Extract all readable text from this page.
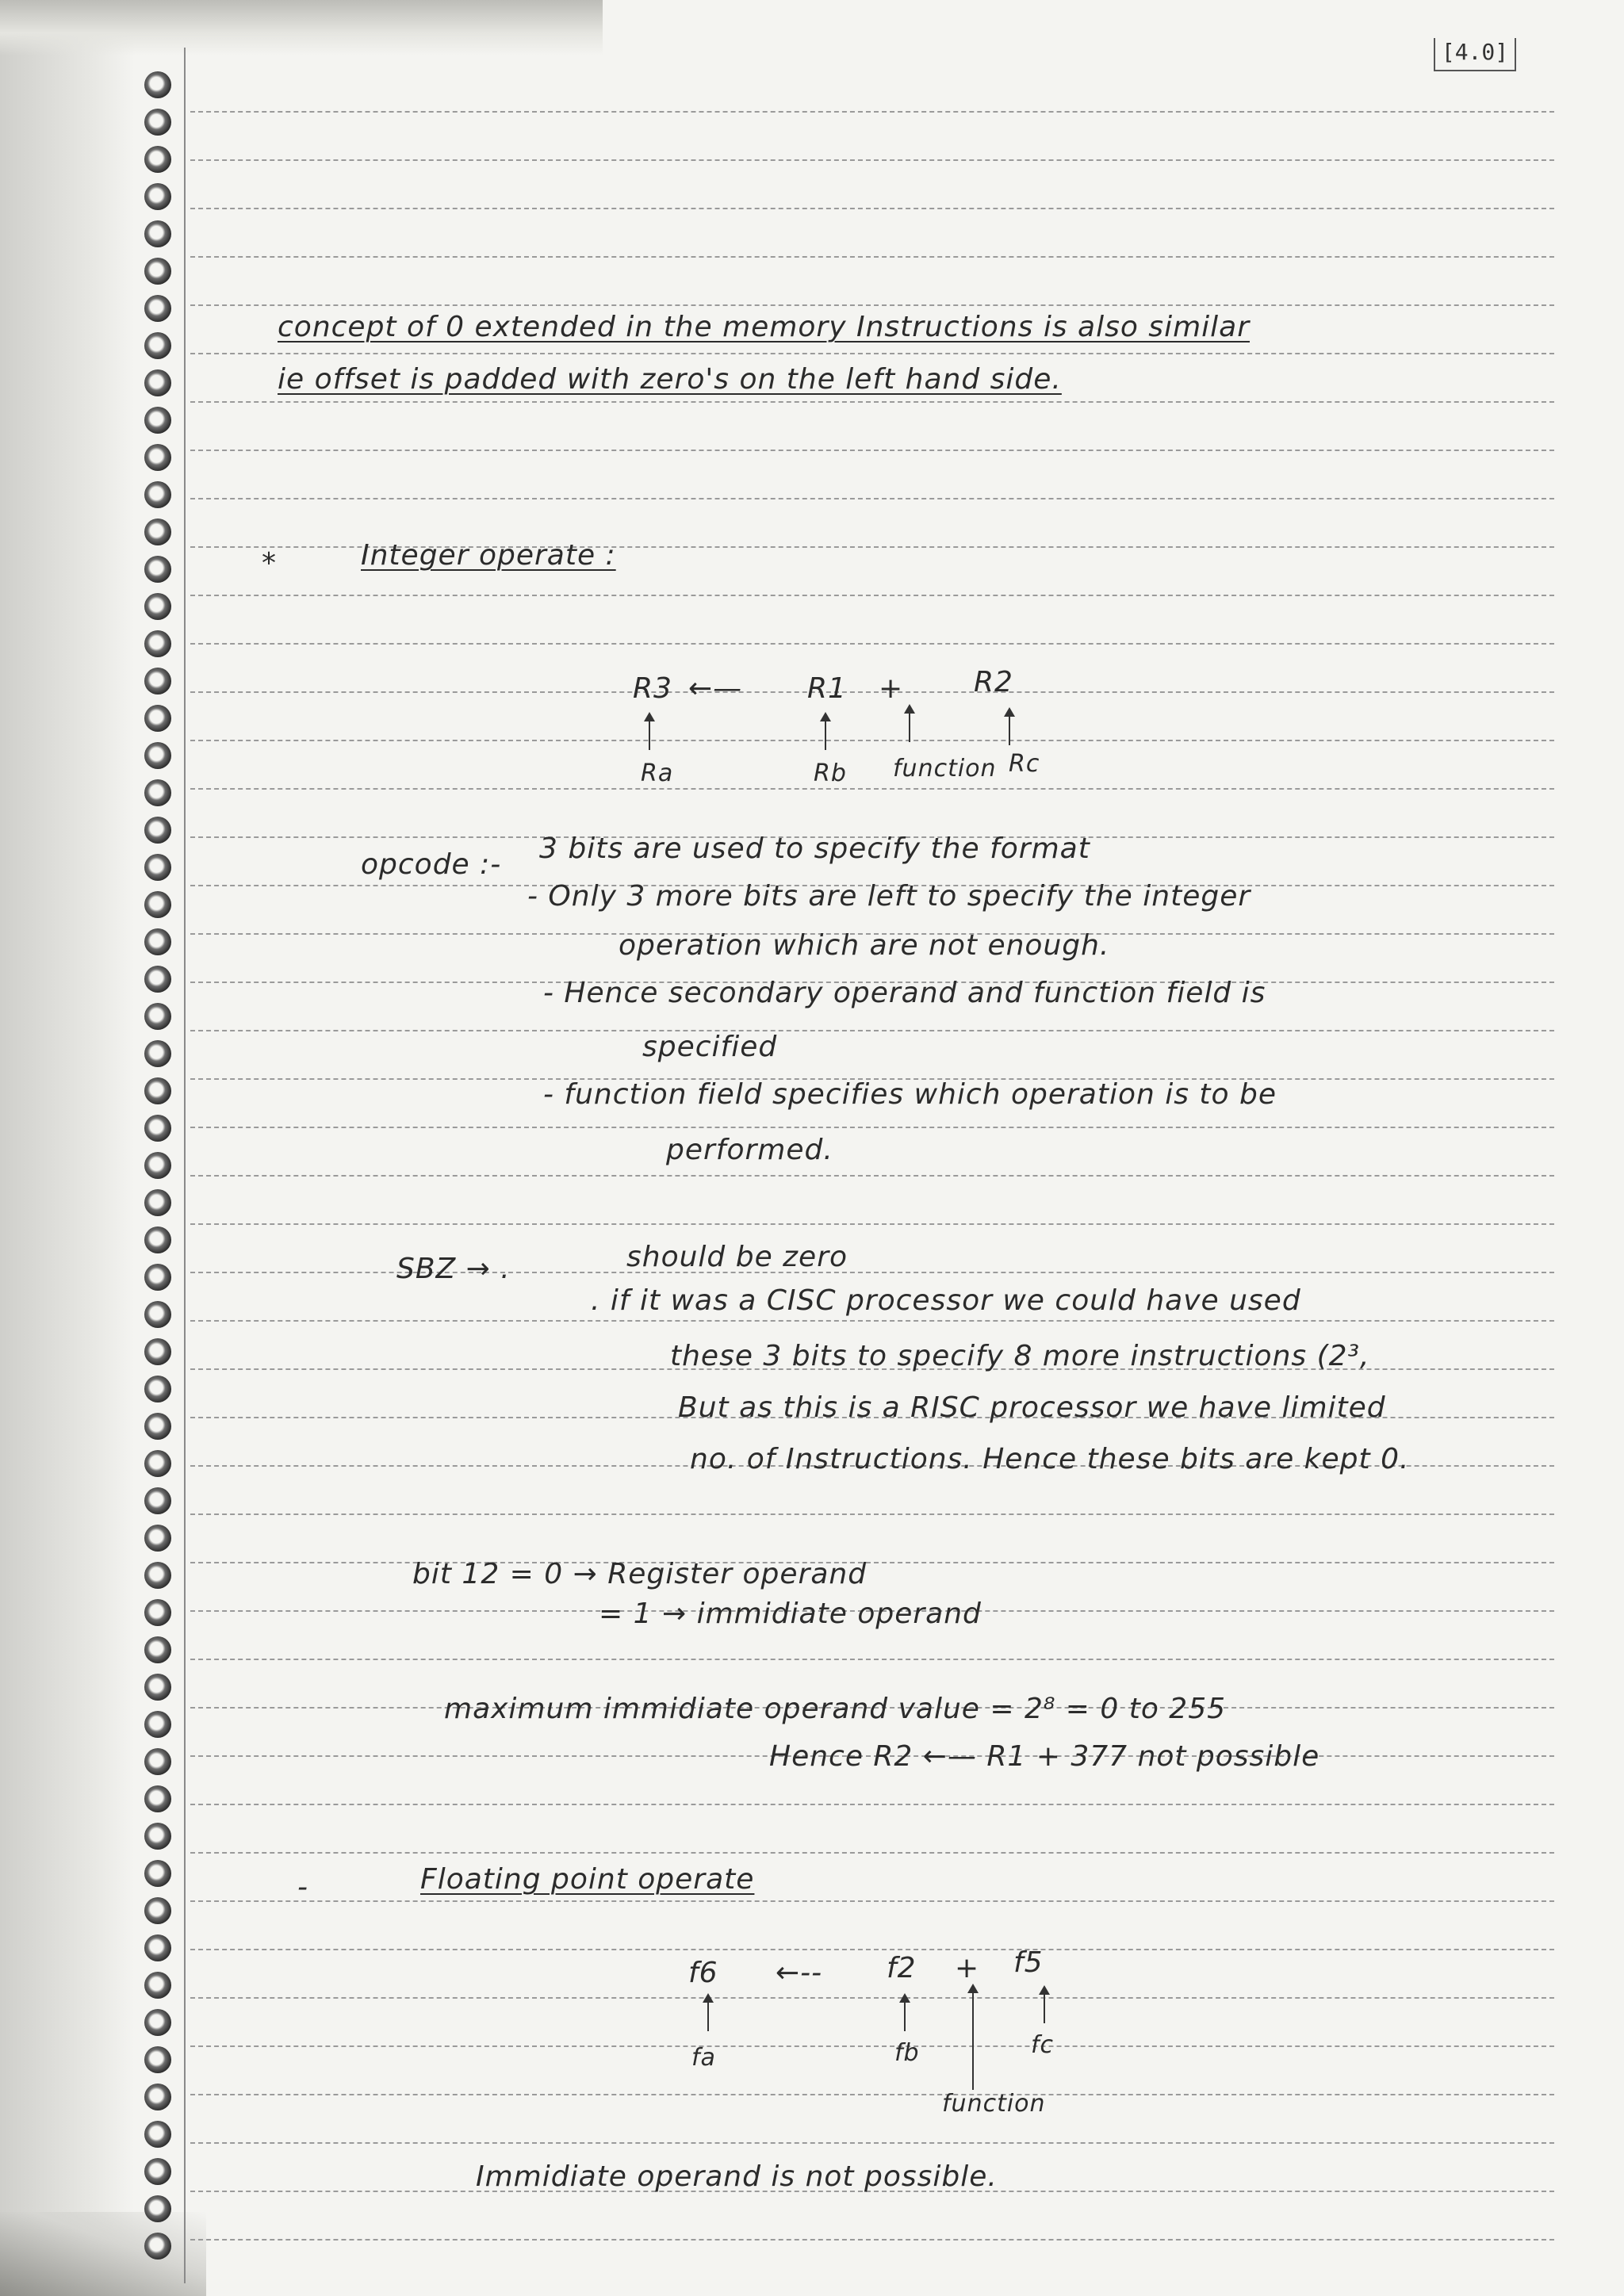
[4.0]
concept of 0 extended in the memory Instructions is also similar
ie offset is padded with zero's on the left hand side.
*	Integer operate :
R3 ←— R1 + R2
Ra	Rb function Rc
opcode :- 3 bits are used to specify the format
- Only 3 more bits are left to specify the integer
operation which are not enough.
- Hence secondary operand and function field is
specified
- function field specifies which operation is to be
performed.
SBZ → .	should be zero
. if it was a CISC processor we could have used
these 3 bits to specify 8 more instructions (2³,
But as this is a RISC processor we have limited
no. of Instructions. Hence these bits are kept 0.
bit 12 = 0 → Register operand
= 1 → immidiate operand
maximum immidiate operand value = 2⁸ = 0 to 255
Hence R2 ←— R1 + 377 not possible
-	Floating point operate
f6 ←-- f2 + f5
fa	fb	fc
function
Immidiate operand is not possible.
